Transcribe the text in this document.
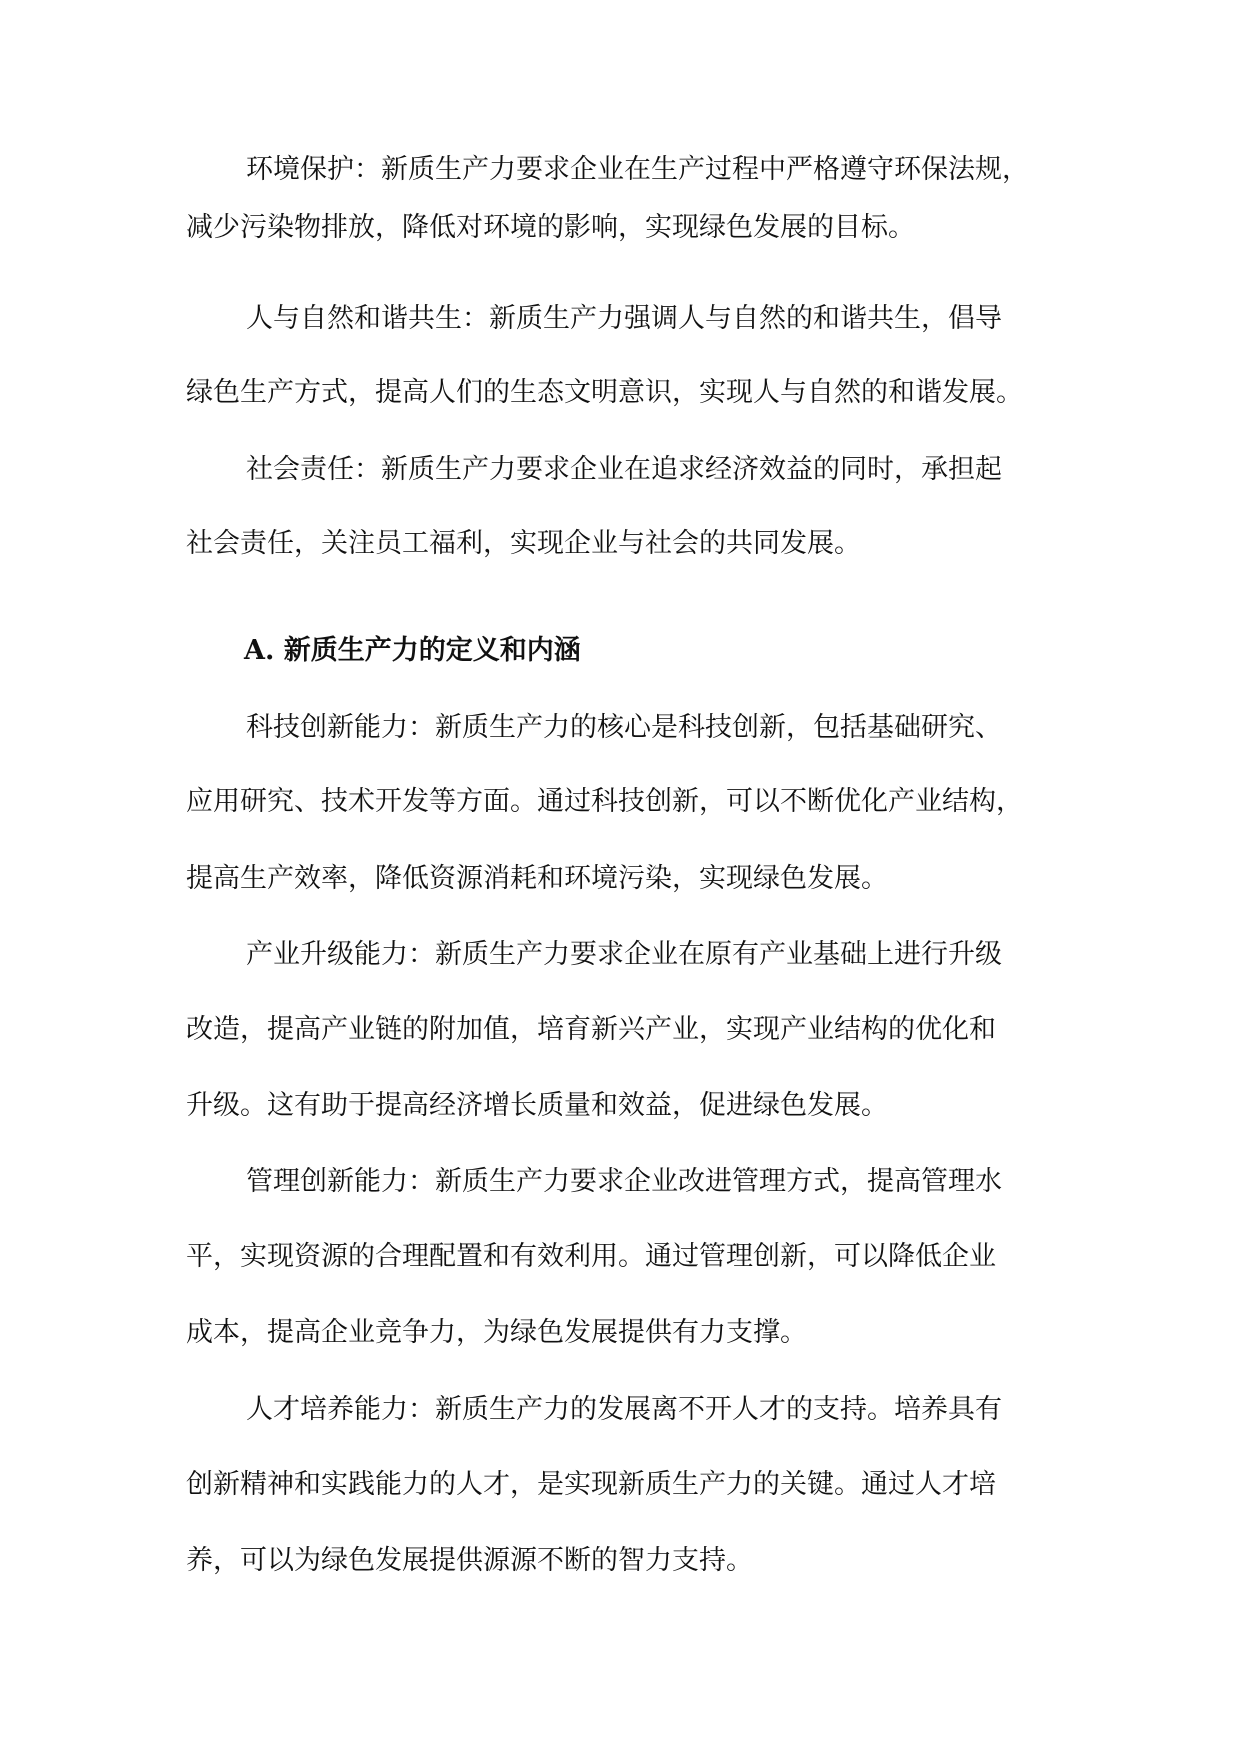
环境保护：新质生产力要求企业在生产过程中严格遵守环保法规，

减少污染物排放，降低对环境的影响，实现绿色发展的目标。

人与自然和谐共生：新质生产力强调人与自然的和谐共生，倡导

绿色生产方式，提高人们的生态文明意识，实现人与自然的和谐发展。

社会责任：新质生产力要求企业在追求经济效益的同时，承担起

社会责任，关注员工福利，实现企业与社会的共同发展。

A. 新质生产力的定义和内涵

科技创新能力：新质生产力的核心是科技创新，包括基础研究、

应用研究、技术开发等方面。通过科技创新，可以不断优化产业结构，

提高生产效率，降低资源消耗和环境污染，实现绿色发展。

产业升级能力：新质生产力要求企业在原有产业基础上进行升级

改造，提高产业链的附加值，培育新兴产业，实现产业结构的优化和

升级。这有助于提高经济增长质量和效益，促进绿色发展。

管理创新能力：新质生产力要求企业改进管理方式，提高管理水

平，实现资源的合理配置和有效利用。通过管理创新，可以降低企业

成本，提高企业竞争力，为绿色发展提供有力支撑。

人才培养能力：新质生产力的发展离不开人才的支持。培养具有

创新精神和实践能力的人才，是实现新质生产力的关键。通过人才培

养，可以为绿色发展提供源源不断的智力支持。
